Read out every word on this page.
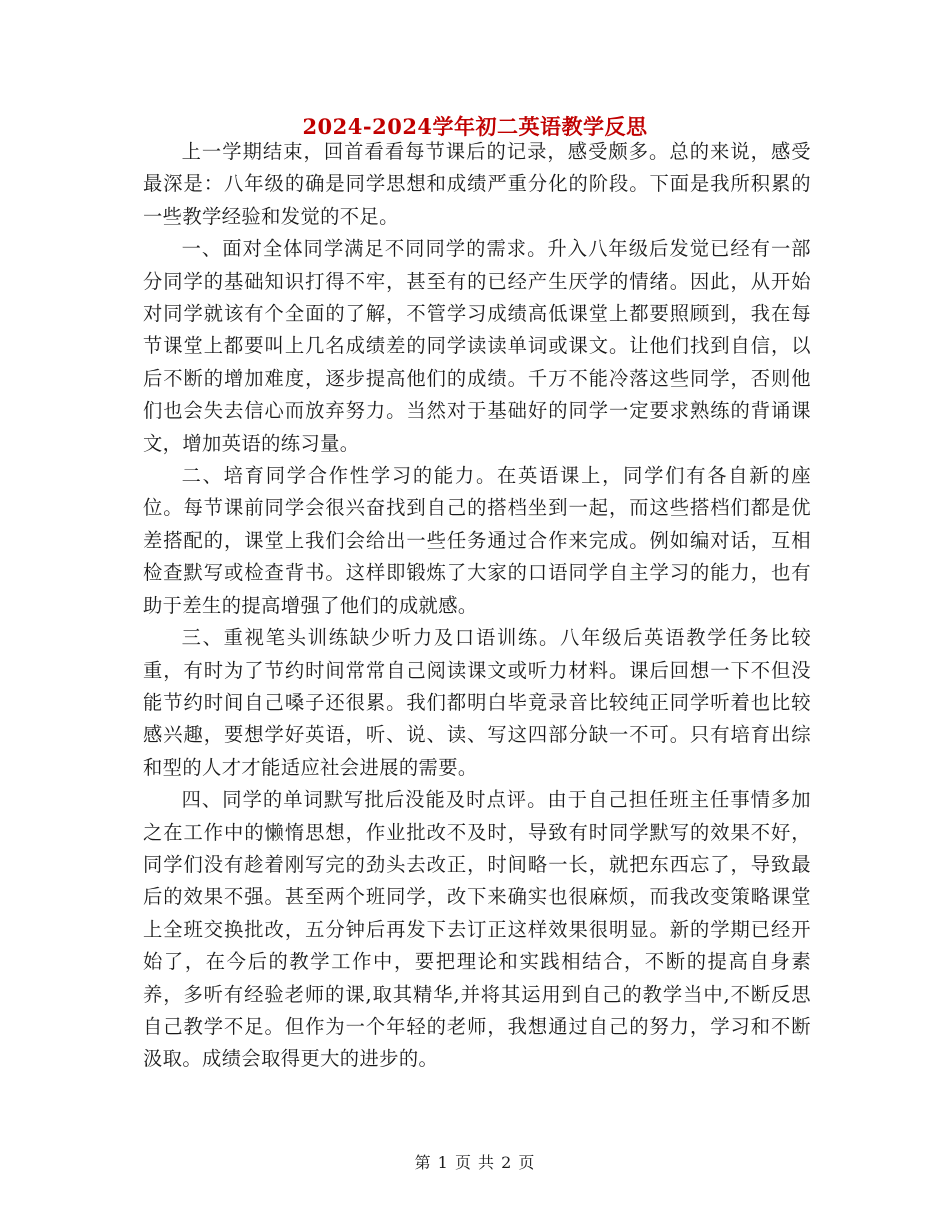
2024-2024学年初二英语教学反思

上一学期结束，回首看看每节课后的记录，感受颇多。总的来说，感受最深是：八年级的确是同学思想和成绩严重分化的阶段。下面是我所积累的一些教学经验和发觉的不足。

一、面对全体同学满足不同同学的需求。升入八年级后发觉已经有一部分同学的基础知识打得不牢，甚至有的已经产生厌学的情绪。因此，从开始对同学就该有个全面的了解，不管学习成绩高低课堂上都要照顾到，我在每节课堂上都要叫上几名成绩差的同学读读单词或课文。让他们找到自信，以后不断的增加难度，逐步提高他们的成绩。千万不能冷落这些同学，否则他们也会失去信心而放弃努力。当然对于基础好的同学一定要求熟练的背诵课文，增加英语的练习量。

二、培育同学合作性学习的能力。在英语课上，同学们有各自新的座位。每节课前同学会很兴奋找到自己的搭档坐到一起，而这些搭档们都是优差搭配的，课堂上我们会给出一些任务通过合作来完成。例如编对话，互相检查默写或检查背书。这样即锻炼了大家的口语同学自主学习的能力，也有助于差生的提高增强了他们的成就感。

三、重视笔头训练缺少听力及口语训练。八年级后英语教学任务比较重，有时为了节约时间常常自己阅读课文或听力材料。课后回想一下不但没能节约时间自己嗓子还很累。我们都明白毕竟录音比较纯正同学听着也比较感兴趣，要想学好英语，听、说、读、写这四部分缺一不可。只有培育出综和型的人才才能适应社会进展的需要。

四、同学的单词默写批后没能及时点评。由于自己担任班主任事情多加之在工作中的懒惰思想，作业批改不及时，导致有时同学默写的效果不好，同学们没有趁着刚写完的劲头去改正，时间略一长，就把东西忘了，导致最后的效果不强。甚至两个班同学，改下来确实也很麻烦，而我改变策略课堂上全班交换批改，五分钟后再发下去订正这样效果很明显。新的学期已经开始了，在今后的教学工作中，要把理论和实践相结合，不断的提高自身素养，多听有经验老师的课,取其精华,并将其运用到自己的教学当中,不断反思自己教学不足。但作为一个年轻的老师，我想通过自己的努力，学习和不断汲取。成绩会取得更大的进步的。

第 1 页 共 2 页
